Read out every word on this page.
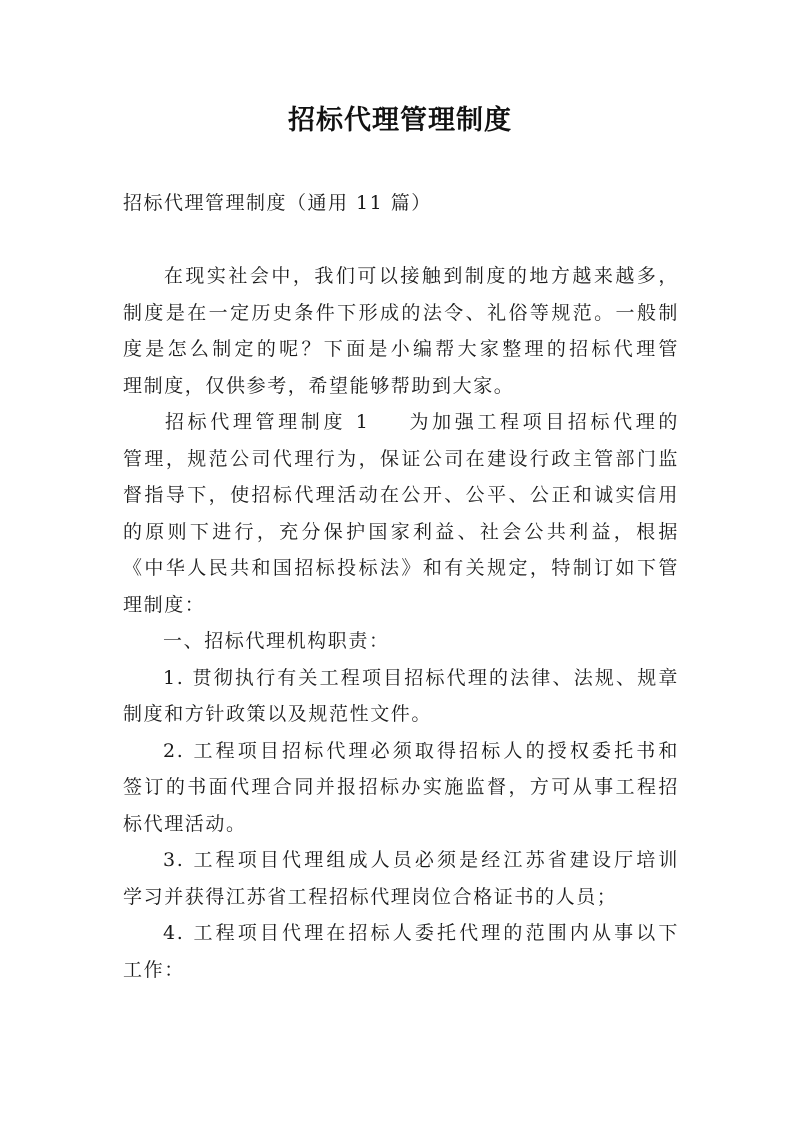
招标代理管理制度

招标代理管理制度（通用 11 篇）

在现实社会中，我们可以接触到制度的地方越来越多，
制度是在一定历史条件下形成的法令、礼俗等规范。一般制
度是怎么制定的呢？下面是小编帮大家整理的招标代理管
理制度，仅供参考，希望能够帮助到大家。
招标代理管理制度 1 为加强工程项目招标代理的
管理，规范公司代理行为，保证公司在建设行政主管部门监
督指导下，使招标代理活动在公开、公平、公正和诚实信用
的原则下进行，充分保护国家利益、社会公共利益，根据
《中华人民共和国招标投标法》和有关规定，特制订如下管
理制度：
一、招标代理机构职责：
1. 贯彻执行有关工程项目招标代理的法律、法规、规章
制度和方针政策以及规范性文件。
2. 工程项目招标代理必须取得招标人的授权委托书和
签订的书面代理合同并报招标办实施监督，方可从事工程招
标代理活动。
3. 工程项目代理组成人员必须是经江苏省建设厅培训
学习并获得江苏省工程招标代理岗位合格证书的人员；
4. 工程项目代理在招标人委托代理的范围内从事以下
工作：
